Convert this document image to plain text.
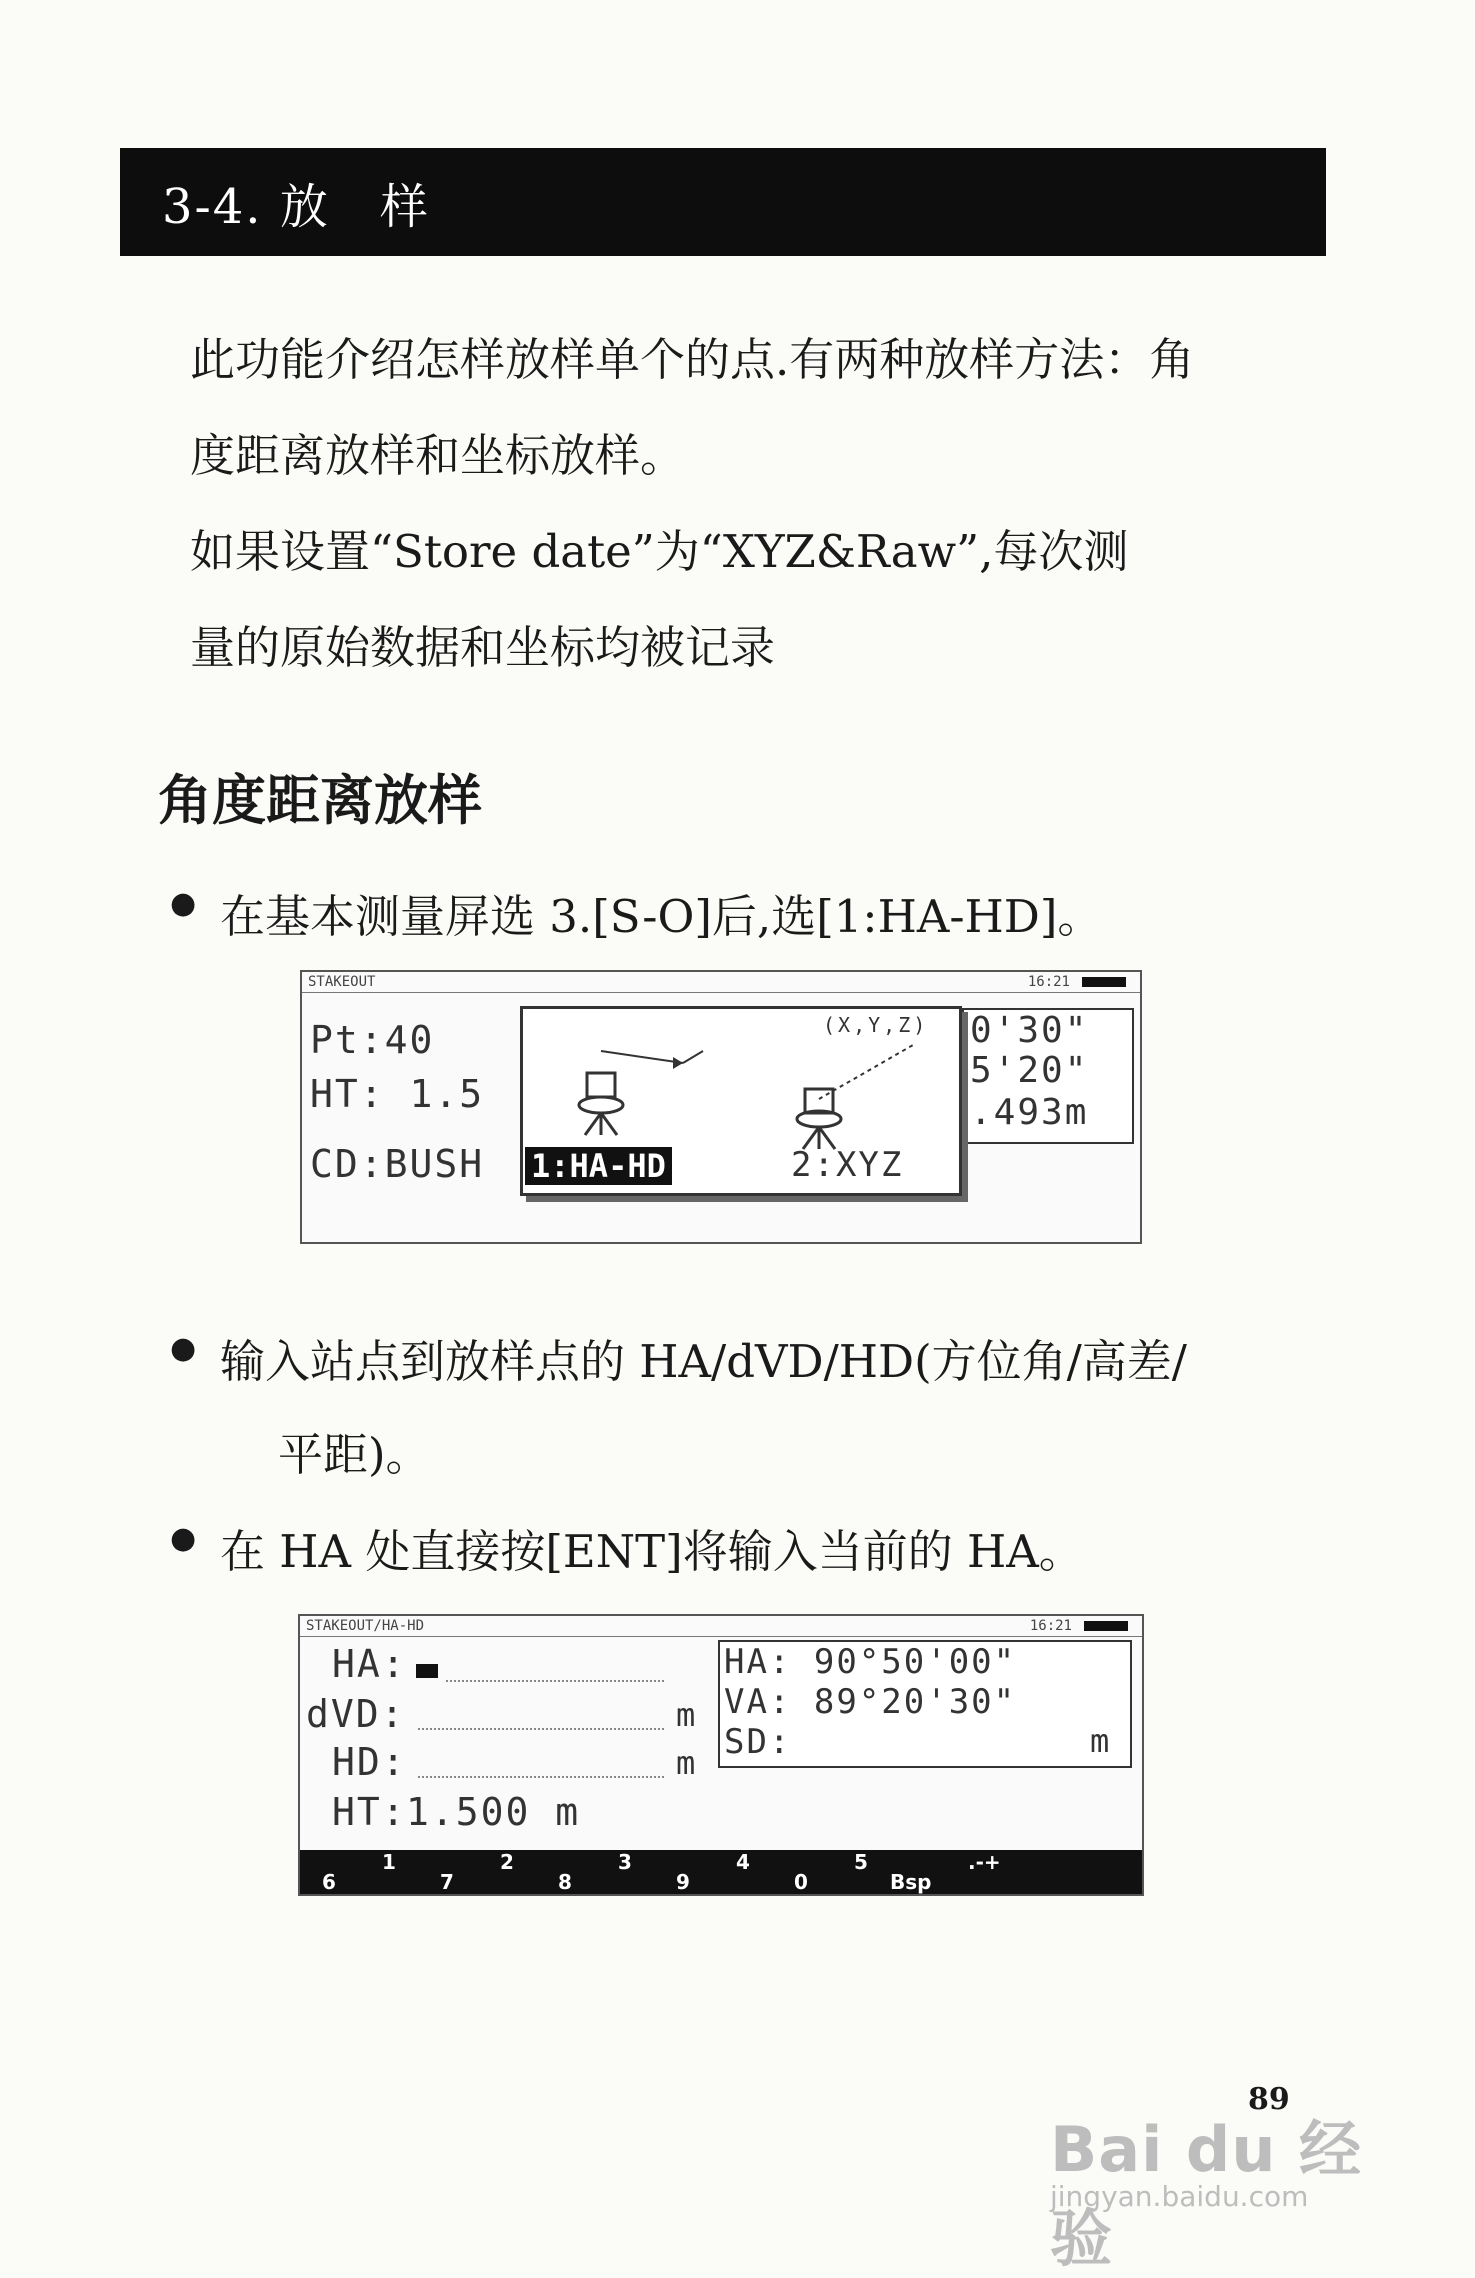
3-4. 放　样
此功能介绍怎样放样单个的点.有两种放样方法：角
度距离放样和坐标放样。
如果设置“Store date”为“XYZ&Raw”,每次测
量的原始数据和坐标均被记录
角度距离放样
● 在基本测量屏选 3.[S-O]后,选[1:HA-HD]。
STAKEOUT	16:21
Pt:40
HT: 1.5
CD:BUSH
0'30"
5'20"
.493m
(X,Y,Z)
1:HA-HD	2:XYZ
● 输入站点到放样点的 HA/dVD/HD(方位角/高差/
平距)。
● 在 HA 处直接按[ENT]将输入当前的 HA。
STAKEOUT/HA-HD	16:21
HA:
dVD:	m
HD:	m
HT: 1.500 m
HA: 90°50'00"
VA: 89°20'30"
SD:	m
1	2	3	4	5	.-+
6	7	8	9	0	Bsp
Bai du 经验
jingyan.baidu.com
89
